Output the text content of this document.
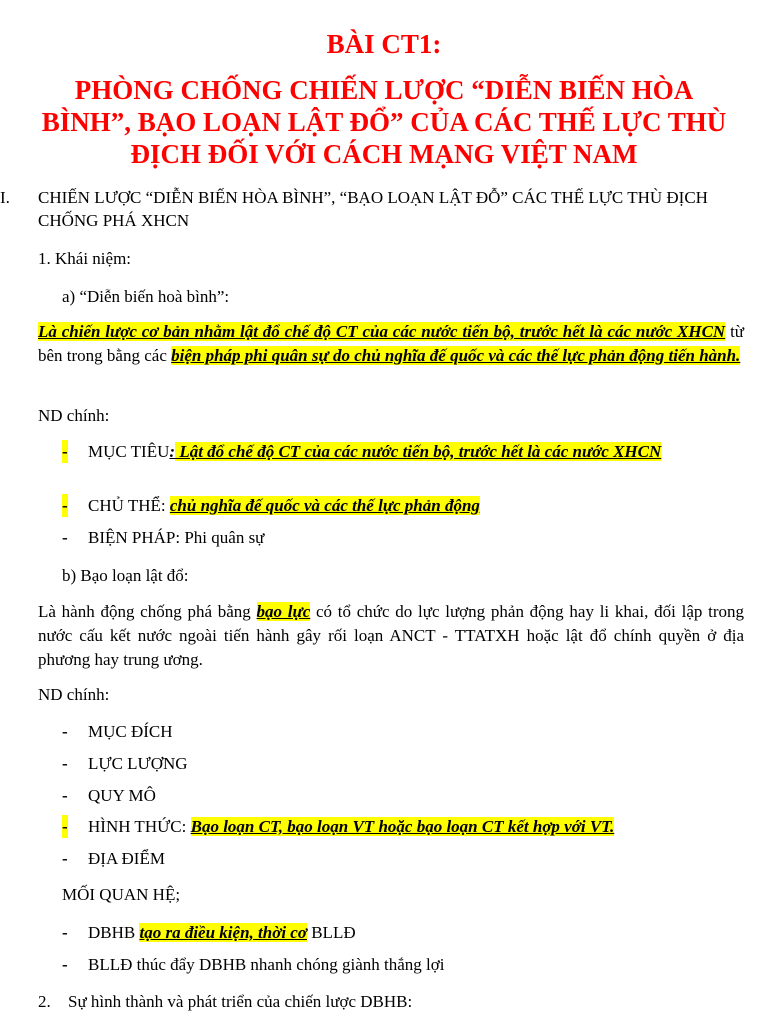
BÀI CT1:
PHÒNG CHỐNG CHIẾN LƯỢC “DIỄN BIẾN HÒA BÌNH”, BẠO LOẠN LẬT ĐỔ” CỦA CÁC THẾ LỰC THÙ ĐỊCH ĐỐI VỚI CÁCH MẠNG VIỆT NAM
I.	CHIẾN LƯỢC “DIỄN BIẾN HÒA BÌNH”, “BẠO LOẠN LẬT ĐỖ” CÁC THẾ LỰC THÙ ĐỊCH CHỐNG PHÁ XHCN
1. Khái niệm:
a) “Diễn biến hoà bình”:
Là chiến lược cơ bản nhằm lật đổ chế độ CT của các nước tiến bộ, trước hết là các nước XHCN từ bên trong bằng các biện pháp phi quân sự do chủ nghĩa đế quốc và các thế lực phản động tiến hành.
ND chính:
- MỤC TIÊU: Lật đổ chế độ CT của các nước tiến bộ, trước hết là các nước XHCN
- CHỦ THỂ: chủ nghĩa đế quốc và các thế lực phản động
- BIỆN PHÁP: Phi quân sự
b) Bạo loạn lật đổ:
Là hành động chống phá bằng bạo lực có tổ chức do lực lượng phản động hay li khai, đối lập trong nước cấu kết nước ngoài tiến hành gây rối loạn ANCT - TTATXH hoặc lật đổ chính quyền ở địa phương hay trung ương.
ND chính:
- MỤC ĐÍCH
- LỰC LƯỢNG
- QUY MÔ
- HÌNH THỨC: Bạo loạn CT, bạo loạn VT hoặc bạo loạn CT kết hợp với VT.
- ĐỊA ĐIỂM
MỐI QUAN HỆ;
- DBHB tạo ra điều kiện, thời cơ BLLĐ
- BLLĐ thúc đẩy DBHB nhanh chóng giành thắng lợi
2. Sự hình thành và phát triển của chiến lược DBHB:
